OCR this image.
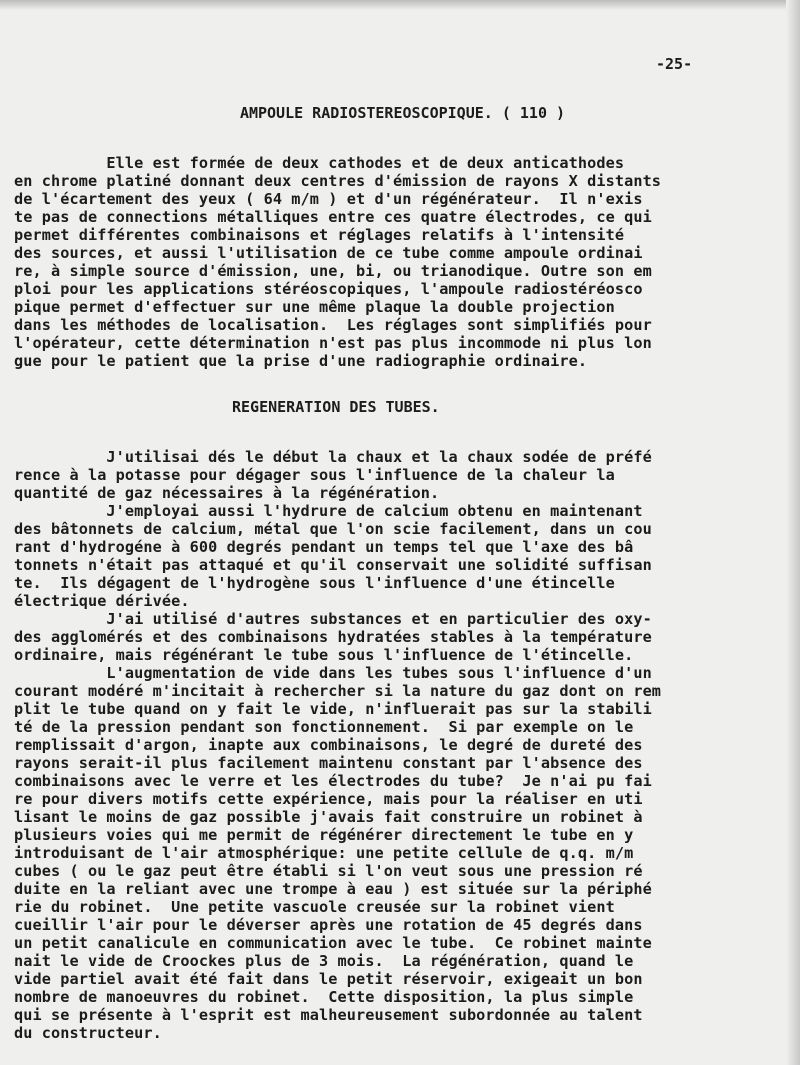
-25-
AMPOULE RADIOSTEREOSCOPIQUE. ( 110 )
Elle est formée de deux cathodes et de deux anticathodes
en chrome platiné donnant deux centres d'émission de rayons X distants
de l'écartement des yeux ( 64 m/m ) et d'un régénérateur.  Il n'exis
te pas de connections métalliques entre ces quatre électrodes, ce qui
permet différentes combinaisons et réglages relatifs à l'intensité
des sources, et aussi l'utilisation de ce tube comme ampoule ordinai
re, à simple source d'émission, une, bi, ou trianodique. Outre son em
ploi pour les applications stéréoscopiques, l'ampoule radiostéréosco
pique permet d'effectuer sur une même plaque la double projection
dans les méthodes de localisation.  Les réglages sont simplifiés pour
l'opérateur, cette détermination n'est pas plus incommode ni plus lon
gue pour le patient que la prise d'une radiographie ordinaire.
REGENERATION DES TUBES.
J'utilisai dés le début la chaux et la chaux sodée de préfé
rence à la potasse pour dégager sous l'influence de la chaleur la
quantité de gaz nécessaires à la régénération.
J'employai aussi l'hydrure de calcium obtenu en maintenant
des bâtonnets de calcium, métal que l'on scie facilement, dans un cou
rant d'hydrogéne à 600 degrés pendant un temps tel que l'axe des bâ
tonnets n'était pas attaqué et qu'il conservait une solidité suffisan
te.  Ils dégagent de l'hydrogène sous l'influence d'une étincelle
électrique dérivée.
J'ai utilisé d'autres substances et en particulier des oxy-
des agglomérés et des combinaisons hydratées stables à la température
ordinaire, mais régénérant le tube sous l'influence de l'étincelle.
L'augmentation de vide dans les tubes sous l'influence d'un
courant modéré m'incitait à rechercher si la nature du gaz dont on rem
plit le tube quand on y fait le vide, n'influerait pas sur la stabili
té de la pression pendant son fonctionnement.  Si par exemple on le
remplissait d'argon, inapte aux combinaisons, le degré de dureté des
rayons serait-il plus facilement maintenu constant par l'absence des
combinaisons avec le verre et les électrodes du tube?  Je n'ai pu fai
re pour divers motifs cette expérience, mais pour la réaliser en uti
lisant le moins de gaz possible j'avais fait construire un robinet à
plusieurs voies qui me permit de régénérer directement le tube en y
introduisant de l'air atmosphérique: une petite cellule de q.q. m/m
cubes ( ou le gaz peut être établi si l'on veut sous une pression ré
duite en la reliant avec une trompe à eau ) est située sur la périphé
rie du robinet.  Une petite vascuole creusée sur la robinet vient
cueillir l'air pour le déverser après une rotation de 45 degrés dans
un petit canalicule en communication avec le tube.  Ce robinet mainte
nait le vide de Croockes plus de 3 mois.  La régénération, quand le
vide partiel avait été fait dans le petit réservoir, exigeait un bon
nombre de manoeuvres du robinet.  Cette disposition, la plus simple
qui se présente à l'esprit est malheureusement subordonnée au talent
du constructeur.
